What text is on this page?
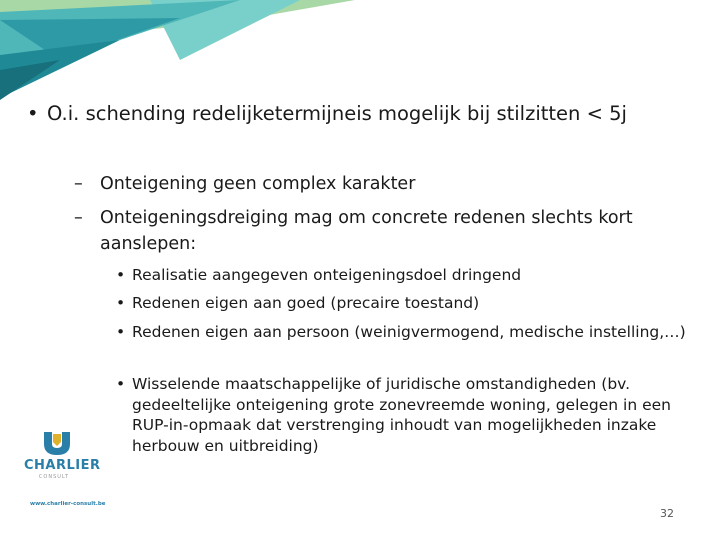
• O.i. schending redelijketermijneis mogelijk bij stilzitten < 5j
– Onteigening geen complex karakter
– Onteigeningsdreiging mag om concrete redenen slechts kort aanslepen:
• Realisatie aangegeven onteigeningsdoel dringend
• Redenen eigen aan goed (precaire toestand)
• Redenen eigen aan persoon (weinigvermogend, medische instelling,…)
• Wisselende maatschappelijke of juridische omstandigheden (bv. gedeeltelijke onteigening grote zonevreemde woning, gelegen in een RUP-in-opmaak dat verstrenging inhoudt van mogelijkheden inzake herbouw en uitbreiding)
CHARLIER
CONSULT
www.charlier-consult.be
32
